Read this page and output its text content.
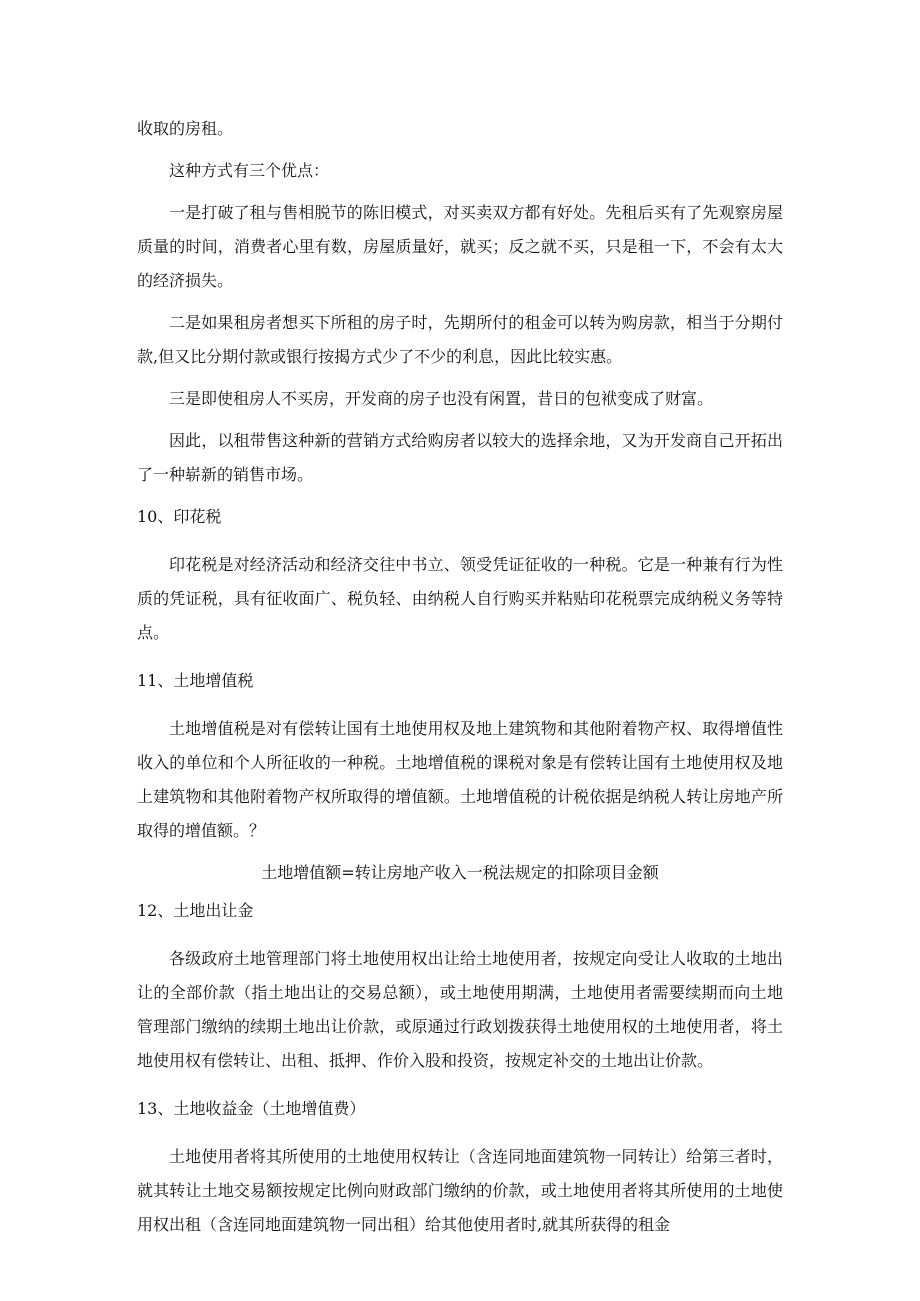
收取的房租。

这种方式有三个优点：

一是打破了租与售相脱节的陈旧模式，对买卖双方都有好处。先租后买有了先观察房屋质量的时间，消费者心里有数，房屋质量好，就买；反之就不买，只是租一下，不会有太大的经济损失。

二是如果租房者想买下所租的房子时，先期所付的租金可以转为购房款，相当于分期付款,但又比分期付款或银行按揭方式少了不少的利息，因此比较实惠。

三是即使租房人不买房，开发商的房子也没有闲置，昔日的包袱变成了财富。

因此，以租带售这种新的营销方式给购房者以较大的选择余地，又为开发商自己开拓出了一种崭新的销售市场。

10、印花税

印花税是对经济活动和经济交往中书立、领受凭证征收的一种税。它是一种兼有行为性质的凭证税，具有征收面广、税负轻、由纳税人自行购买并粘贴印花税票完成纳税义务等特点。

11、土地增值税

土地增值税是对有偿转让国有土地使用权及地上建筑物和其他附着物产权、取得增值性收入的单位和个人所征收的一种税。土地增值税的课税对象是有偿转让国有土地使用权及地上建筑物和其他附着物产权所取得的增值额。土地增值税的计税依据是纳税人转让房地产所取得的增值额。？

土地增值额=转让房地产收入一税法规定的扣除项目金额

12、土地出让金

各级政府土地管理部门将土地使用权出让给土地使用者，按规定向受让人收取的土地出让的全部价款（指土地出让的交易总额），或土地使用期满，土地使用者需要续期而向土地管理部门缴纳的续期土地出让价款，或原通过行政划拨获得土地使用权的土地使用者，将土地使用权有偿转让、出租、抵押、作价入股和投资，按规定补交的土地出让价款。

13、土地收益金（土地增值费）

土地使用者将其所使用的土地使用权转让（含连同地面建筑物一同转让）给第三者时，就其转让土地交易额按规定比例向财政部门缴纳的价款，或土地使用者将其所使用的土地使用权出租（含连同地面建筑物一同出租）给其他使用者时,就其所获得的租金
